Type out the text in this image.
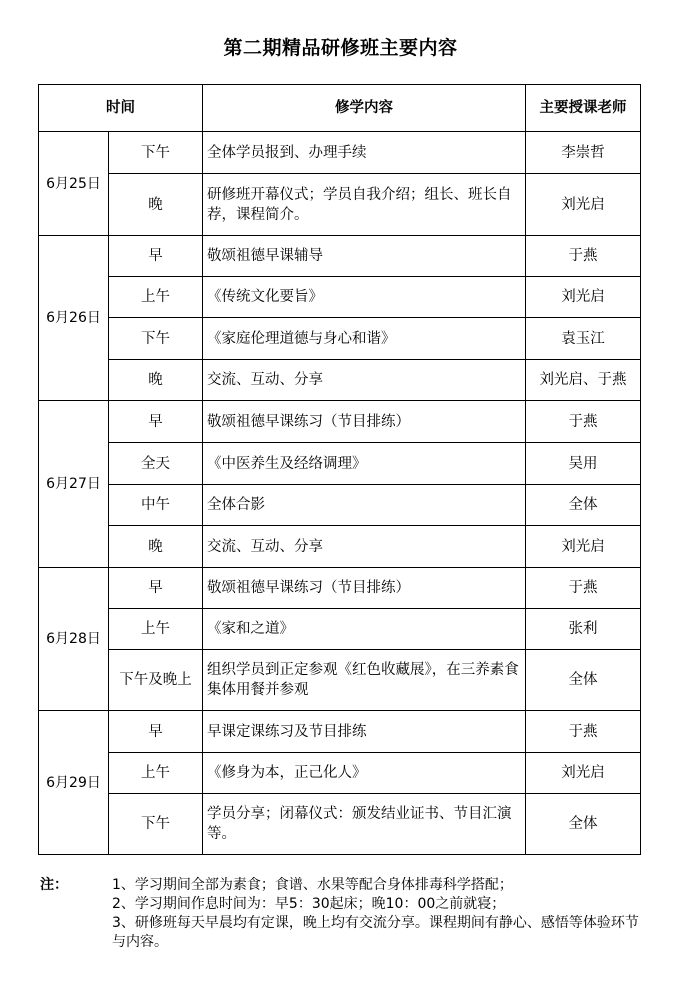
第二期精品研修班主要内容
时间		修学内容	主要授课老师
6月25日	下午	全体学员报到、办理手续	李崇哲
	晚	研修班开幕仪式；学员自我介绍；组长、班长自荐，课程简介。	刘光启
6月26日	早	敬颂祖德早课辅导	于燕
	上午	《传统文化要旨》	刘光启
	下午	《家庭伦理道德与身心和谐》	袁玉江
	晚	交流、互动、分享	刘光启、于燕
6月27日	早	敬颂祖德早课练习（节目排练）	于燕
	全天	《中医养生及经络调理》	吴用
	中午	全体合影	全体
	晚	交流、互动、分享	刘光启
6月28日	早	敬颂祖德早课练习（节目排练）	于燕
	上午	《家和之道》	张利
	下午及晚上	组织学员到正定参观《红色收藏展》，在三养素食集体用餐并参观	全体
6月29日	早	早课定课练习及节目排练	于燕
	上午	《修身为本，正己化人》	刘光启
	下午	学员分享；闭幕仪式：颁发结业证书、节目汇演等。	全体
注：	1、学习期间全部为素食；食谱、水果等配合身体排毒科学搭配；
2、学习期间作息时间为：早5：30起床；晚10：00之前就寝；
3、研修班每天早晨均有定课，晚上均有交流分享。课程期间有静心、感悟等体验环节与内容。
